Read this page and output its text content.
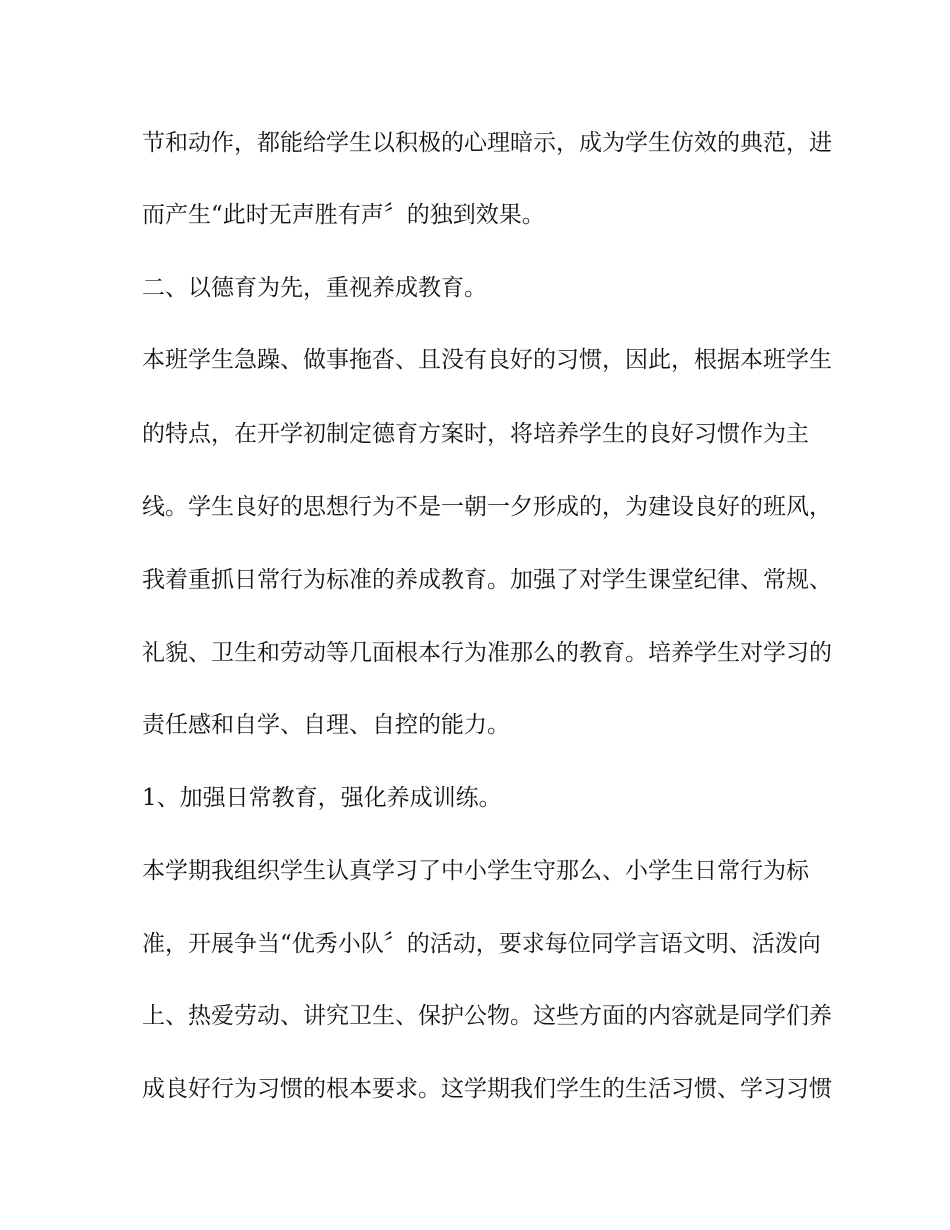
节和动作，都能给学生以积极的心理暗示，成为学生仿效的典范，进
而产生“此时无声胜有声〞的独到效果。
二、以德育为先，重视养成教育。
本班学生急躁、做事拖沓、且没有良好的习惯，因此，根据本班学生
的特点，在开学初制定德育方案时，将培养学生的良好习惯作为主
线。学生良好的思想行为不是一朝一夕形成的，为建设良好的班风，
我着重抓日常行为标准的养成教育。加强了对学生课堂纪律、常规、
礼貌、卫生和劳动等几面根本行为准那么的教育。培养学生对学习的
责任感和自学、自理、自控的能力。
1、加强日常教育，强化养成训练。
本学期我组织学生认真学习了中小学生守那么、小学生日常行为标
准，开展争当“优秀小队〞的活动，要求每位同学言语文明、活泼向
上、热爱劳动、讲究卫生、保护公物。这些方面的内容就是同学们养
成良好行为习惯的根本要求。这学期我们学生的生活习惯、学习习惯
